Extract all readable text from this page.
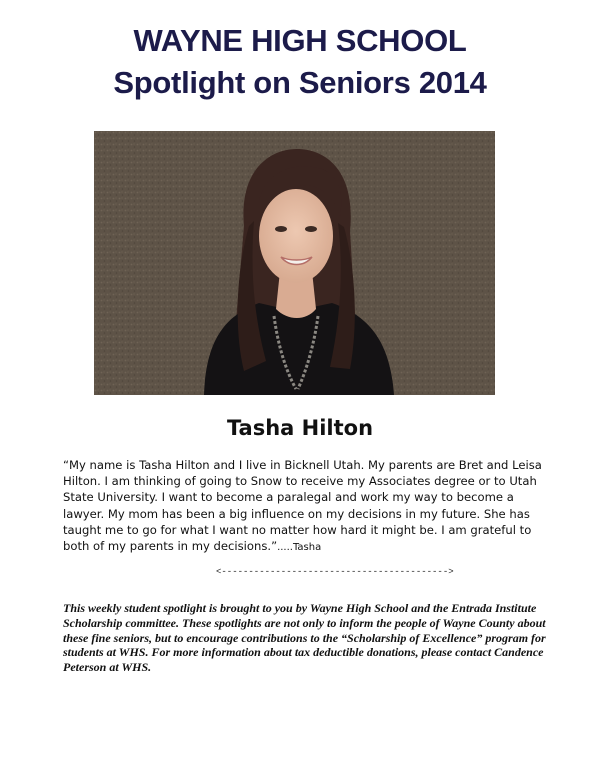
WAYNE HIGH SCHOOL
Spotlight on Seniors 2014
Tasha Hilton

“My name is Tasha Hilton and I live in Bicknell Utah. My parents are Bret and Leisa Hilton. I am thinking of going to Snow to receive my Associates degree or to Utah State University. I want to become a paralegal and work my way to become a lawyer. My mom has been a big influence on my decisions in my future. She has taught me to go for what I want no matter how hard it might be. I am grateful to both of my parents in my decisions.”.....Tasha

<------------------------------------------>

This weekly student spotlight is brought to you by Wayne High School and the Entrada Institute Scholarship committee. These spotlights are not only to inform the people of Wayne County about these fine seniors, but to encourage contributions to the “Scholarship of Excellence” program for students at WHS. For more information about tax deductible donations, please contact Candence Peterson at WHS.
